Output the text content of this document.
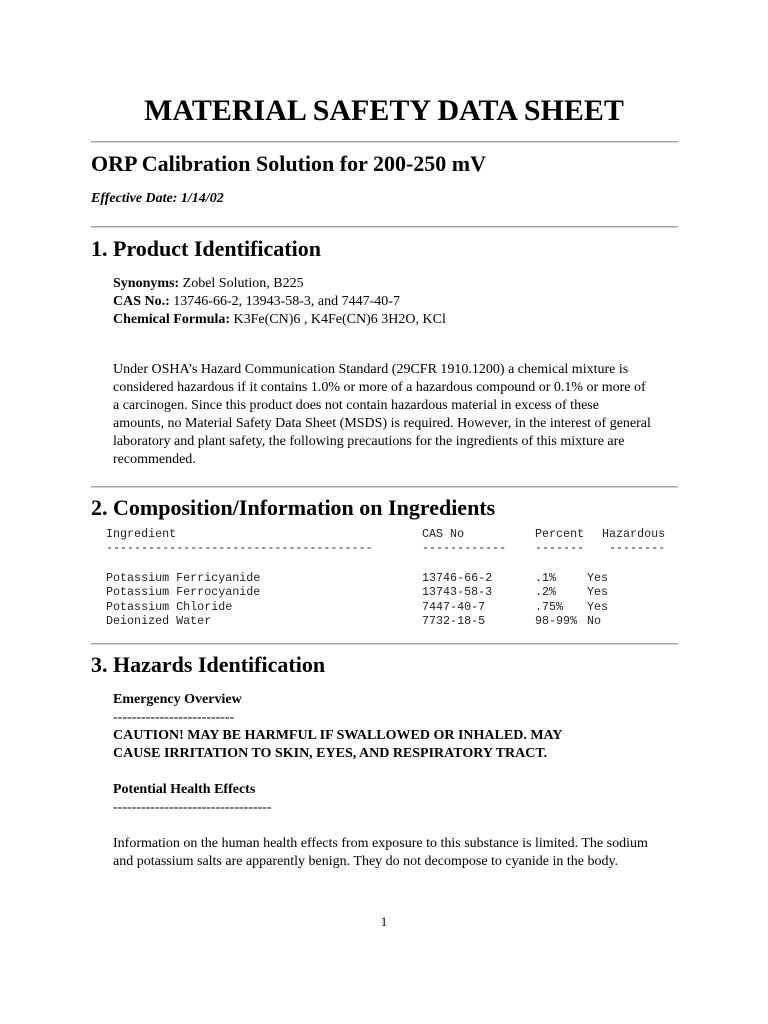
MATERIAL SAFETY DATA SHEET
ORP Calibration Solution for 200-250 mV

Effective Date: 1/14/02

1. Product Identification

Synonyms: Zobel Solution, B225

CAS No.: 13746-66-2, 13943-58-3, and 7447-40-7

Chemical Formula: K3Fe(CN)6 , K4Fe(CN)6 3H2O, KCl

Under OSHA’s Hazard Communication Standard (29CFR 1910.1200) a chemical mixture is considered hazardous if it contains 1.0% or more of a hazardous compound or 0.1% or more of a carcinogen. Since this product does not contain hazardous material in excess of these amounts, no Material Safety Data Sheet (MSDS) is required. However, in the interest of general laboratory and plant safety, the following precautions for the ingredients of this mixture are recommended.

2. Composition/Information on Ingredients
Ingredient	CAS No	Percent Hazardous
--------------------------------------	------------ ------- --------
Potassium Ferricyanide	13746-66-2	.1%	Yes
Potassium Ferrocyanide	13743-58-3	.2%	Yes
Potassium Chloride	7447-40-7	.75% Yes
Deionized Water	7732-18-5	98-99% No
3. Hazards Identification

Emergency Overview

--------------------------

CAUTION! MAY BE HARMFUL IF SWALLOWED OR INHALED. MAY

CAUSE IRRITATION TO SKIN, EYES, AND RESPIRATORY TRACT.

Potential Health Effects

----------------------------------

Information on the human health effects from exposure to this substance is limited. The sodium and potassium salts are apparently benign. They do not decompose to cyanide in the body.

1
